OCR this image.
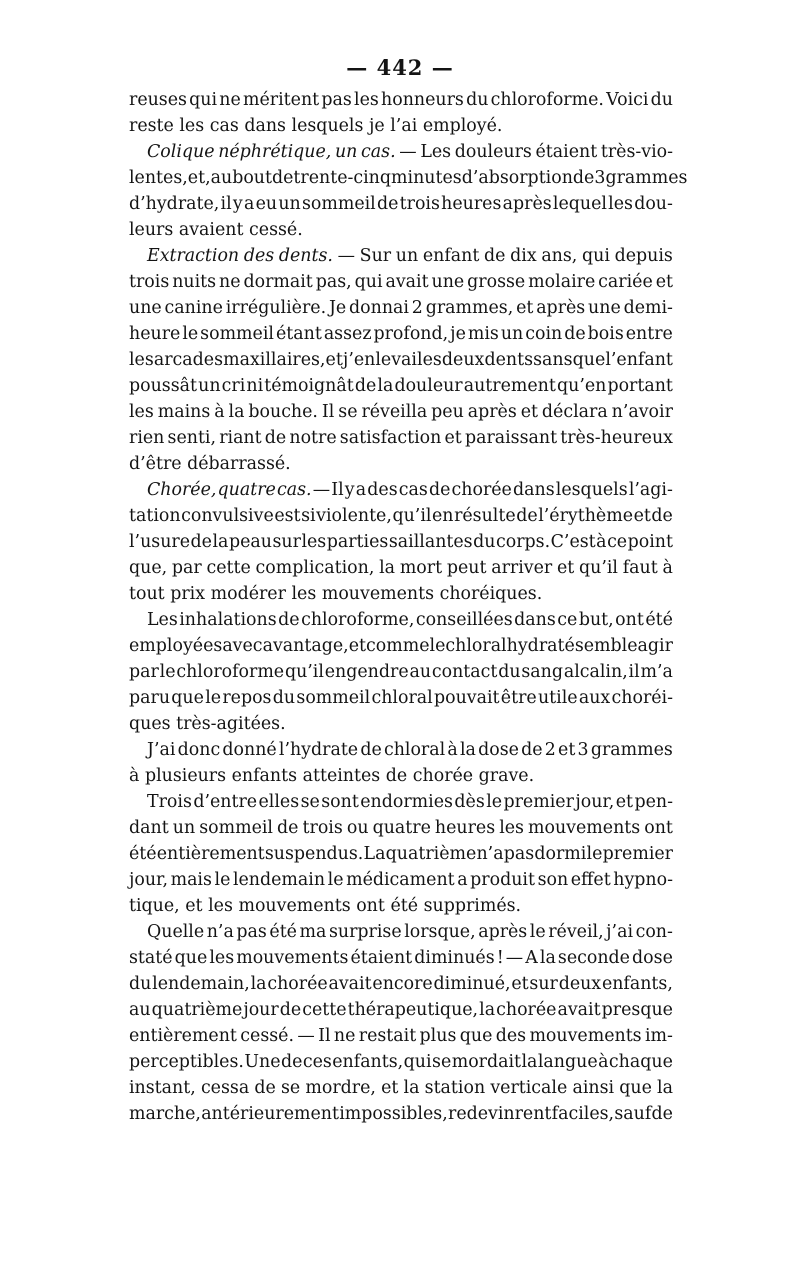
— 442 —
reuses qui ne méritent pas les honneurs du chloroforme. Voici du
reste les cas dans lesquels je l’ai employé.
Colique néphrétique, un cas. — Les douleurs étaient très-vio-
lentes, et, au bout de trente-cinq minutes d’absorption de 3 grammes
d’hydrate, il y a eu un sommeil de trois heures après lequel les dou-
leurs avaient cessé.
Extraction des dents. — Sur un enfant de dix ans, qui depuis
trois nuits ne dormait pas, qui avait une grosse molaire cariée et
une canine irrégulière. Je donnai 2 grammes, et après une demi-
heure le sommeil étant assez profond, je mis un coin de bois entre
les arcades maxillaires, et j’enlevai les deux dents sans que l’enfant
poussât un cri ni témoignât de la douleur autrement qu’en portant
les mains à la bouche. Il se réveilla peu après et déclara n’avoir
rien senti, riant de notre satisfaction et paraissant très-heureux
d’être débarrassé.
Chorée, quatre cas. — Il y a des cas de chorée dans lesquels l’agi-
tation convulsive est si violente, qu’il en résulte de l’érythème et de
l’usure de la peau sur les parties saillantes du corps. C’est à ce point
que, par cette complication, la mort peut arriver et qu’il faut à
tout prix modérer les mouvements choréiques.
Les inhalations de chloroforme, conseillées dans ce but, ont été
employées avec avantage, et comme le chloral hydraté semble agir
par le chloroforme qu’il engendre au contact du sang alcalin, il m’a
paru que le repos du sommeil chloral pouvait être utile aux choréi-
ques très-agitées.
J’ai donc donné l’hydrate de chloral à la dose de 2 et 3 grammes
à plusieurs enfants atteintes de chorée grave.
Trois d’entre elles se sont endormies dès le premier jour, et pen-
dant un sommeil de trois ou quatre heures les mouvements ont
été entièrement suspendus. La quatrième n’a pas dormi le premier
jour, mais le lendemain le médicament a produit son effet hypno-
tique, et les mouvements ont été supprimés.
Quelle n’a pas été ma surprise lorsque, après le réveil, j’ai con-
staté que les mouvements étaient diminués ! — A la seconde dose
du lendemain, la chorée avait encore diminué, et sur deux enfants,
au quatrième jour de cette thérapeutique, la chorée avait presque
entièrement cessé. — Il ne restait plus que des mouvements im-
perceptibles. Une de ces enfants, qui se mordait la langue à chaque
instant, cessa de se mordre, et la station verticale ainsi que la
marche, antérieurement impossibles, redevinrent faciles, sauf de
